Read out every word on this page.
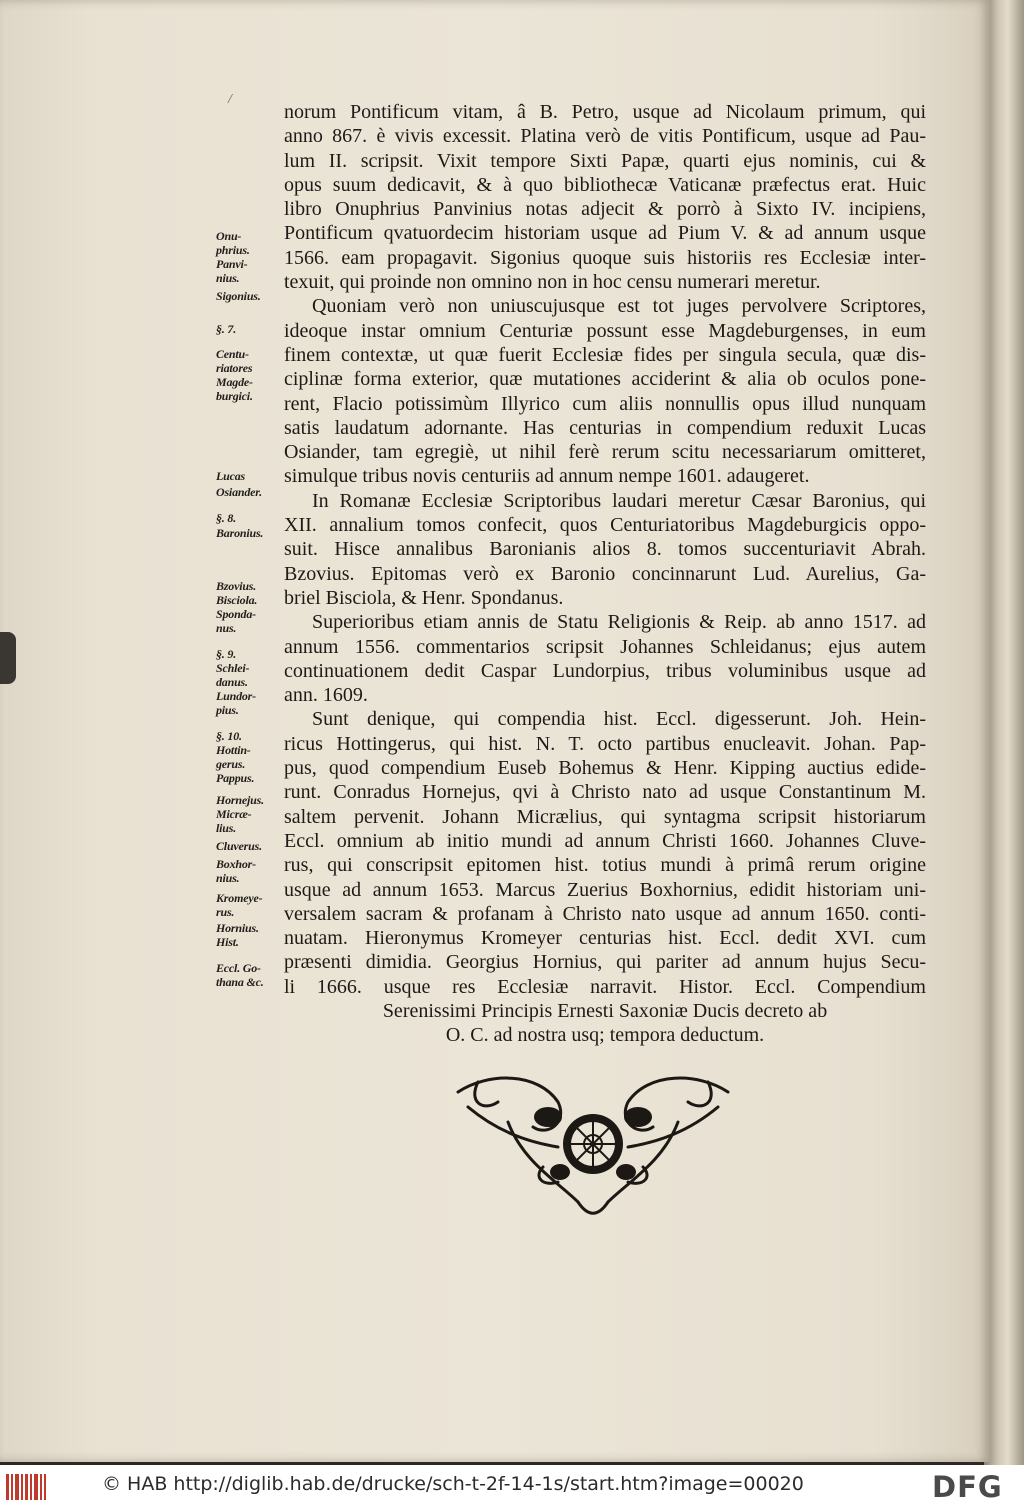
/
Onu-
phrius.
Panvi-
nius.
Sigonius.
§. 7.
Centu-
riatores
Magde-
burgici.
Lucas
Osiander.
§. 8.
Baronius.
Bzovius.
Bisciola.
Sponda-
nus.
§. 9.
Schlei-
danus.
Lundor-
pius.
§. 10.
Hottin-
gerus.
Pappus.
Hornejus.
Micræ-
lius.
Cluverus.
Boxhor-
nius.
Kromeye-
rus.
Hornius.
Hist.
Eccl. Go-
thana &c.
norum Pontificum vitam, â B. Petro, usque ad Nicolaum primum, qui
anno 867. è vivis excessit. Platina verò de vitis Pontificum, usque ad Pau-
lum II. scripsit. Vixit tempore Sixti Papæ, quarti ejus nominis, cui &
opus suum dedicavit, & à quo bibliothecæ Vaticanæ præfectus erat. Huic
libro Onuphrius Panvinius notas adjecit & porrò à Sixto IV. incipiens,
Pontificum qvatuordecim historiam usque ad Pium V. & ad annum usque
1566. eam propagavit. Sigonius quoque suis historiis res Ecclesiæ inter-
texuit, qui proinde non omnino non in hoc censu numerari meretur.
Quoniam verò non uniuscujusque est tot juges pervolvere Scriptores,
ideoque instar omnium Centuriæ possunt esse Magdeburgenses, in eum
finem contextæ, ut quæ fuerit Ecclesiæ fides per singula secula, quæ dis-
ciplinæ forma exterior, quæ mutationes acciderint & alia ob oculos pone-
rent, Flacio potissimùm Illyrico cum aliis nonnullis opus illud nunquam
satis laudatum adornante. Has centurias in compendium reduxit Lucas
Osiander, tam egregiè, ut nihil ferè rerum scitu necessariarum omitteret,
simulque tribus novis centuriis ad annum nempe 1601. adaugeret.
In Romanæ Ecclesiæ Scriptoribus laudari meretur Cæsar Baronius, qui
XII. annalium tomos confecit, quos Centuriatoribus Magdeburgicis oppo-
suit. Hisce annalibus Baronianis alios 8. tomos succenturiavit Abrah.
Bzovius. Epitomas verò ex Baronio concinnarunt Lud. Aurelius, Ga-
briel Bisciola, & Henr. Spondanus.
Superioribus etiam annis de Statu Religionis & Reip. ab anno 1517. ad
annum 1556. commentarios scripsit Johannes Schleidanus; ejus autem
continuationem dedit Caspar Lundorpius, tribus voluminibus usque ad
ann. 1609.
Sunt denique, qui compendia hist. Eccl. digesserunt. Joh. Hein-
ricus Hottingerus, qui hist. N. T. octo partibus enucleavit. Johan. Pap-
pus, quod compendium Euseb Bohemus & Henr. Kipping auctius edide-
runt. Conradus Hornejus, qvi à Christo nato ad usque Constantinum M.
saltem pervenit. Johann Micrælius, qui syntagma scripsit historiarum
Eccl. omnium ab initio mundi ad annum Christi 1660. Johannes Cluve-
rus, qui conscripsit epitomen hist. totius mundi à primâ rerum origine
usque ad annum 1653. Marcus Zuerius Boxhornius, edidit historiam uni-
versalem sacram & profanam à Christo nato usque ad annum 1650. conti-
nuatam. Hieronymus Kromeyer centurias hist. Eccl. dedit XVI. cum
præsenti dimidia. Georgius Hornius, qui pariter ad annum hujus Secu-
li 1666. usque res Ecclesiæ narravit. Histor. Eccl. Compendium
Serenissimi Principis Ernesti Saxoniæ Ducis decreto ab
O. C. ad nostra usq; tempora deductum.
© HAB http://diglib.hab.de/drucke/sch-t-2f-14-1s/start.htm?image=00020	DFG
